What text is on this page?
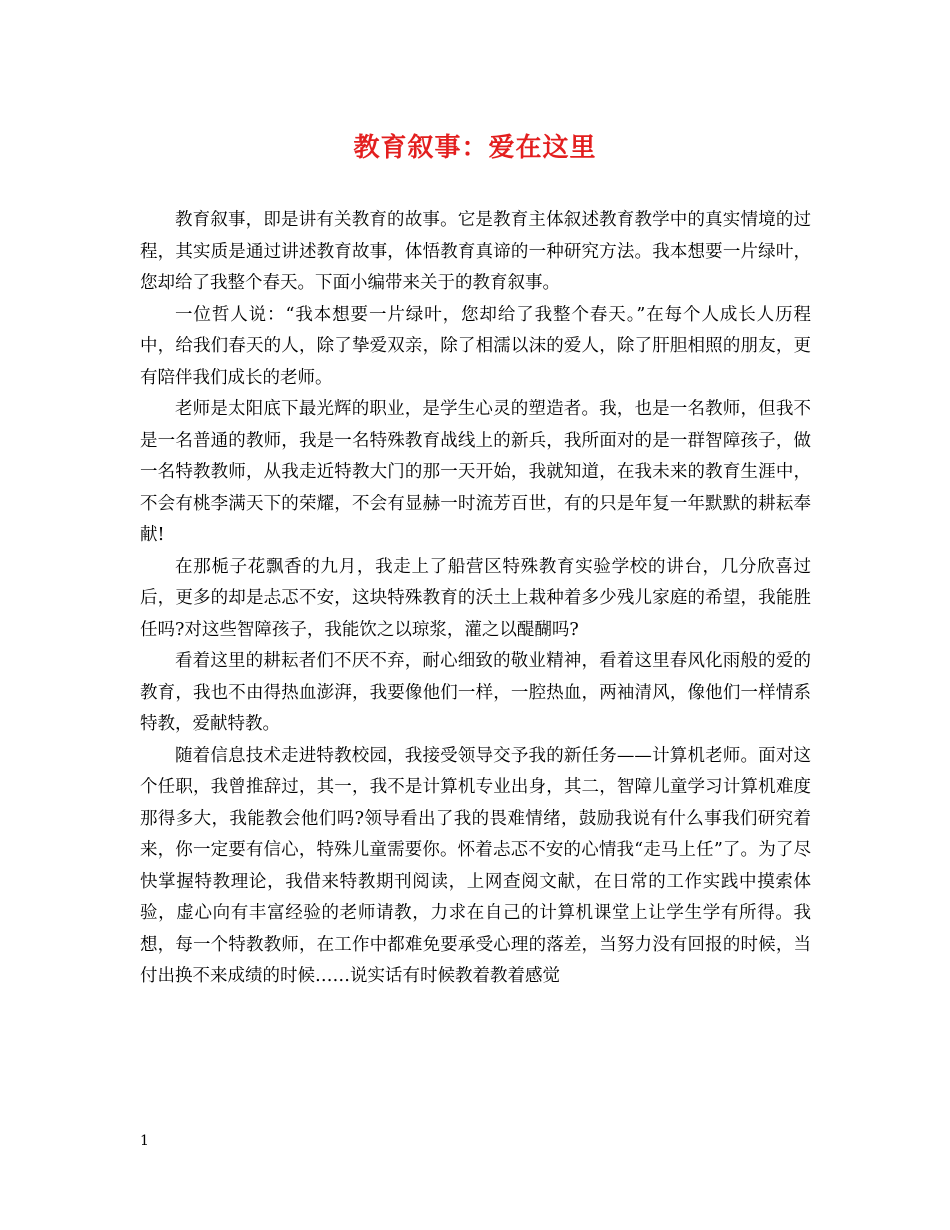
教育叙事：爱在这里

教育叙事，即是讲有关教育的故事。它是教育主体叙述教育教学中的真实情境的过程，其实质是通过讲述教育故事，体悟教育真谛的一种研究方法。我本想要一片绿叶，您却给了我整个春天。下面小编带来关于的教育叙事。

一位哲人说：“我本想要一片绿叶，您却给了我整个春天。”在每个人成长人历程中，给我们春天的人，除了挚爱双亲，除了相濡以沫的爱人，除了肝胆相照的朋友，更有陪伴我们成长的老师。

老师是太阳底下最光辉的职业，是学生心灵的塑造者。我，也是一名教师，但我不是一名普通的教师，我是一名特殊教育战线上的新兵，我所面对的是一群智障孩子，做一名特教教师，从我走近特教大门的那一天开始，我就知道，在我未来的教育生涯中，不会有桃李满天下的荣耀，不会有显赫一时流芳百世，有的只是年复一年默默的耕耘奉献!

在那栀子花飘香的九月，我走上了船营区特殊教育实验学校的讲台，几分欣喜过后，更多的却是忐忑不安，这块特殊教育的沃土上栽种着多少残儿家庭的希望，我能胜任吗?对这些智障孩子，我能饮之以琼浆，灌之以醍醐吗?

看着这里的耕耘者们不厌不弃，耐心细致的敬业精神，看着这里春风化雨般的爱的教育，我也不由得热血澎湃，我要像他们一样，一腔热血，两袖清风，像他们一样情系特教，爱献特教。

随着信息技术走进特教校园，我接受领导交予我的新任务——计算机老师。面对这个任职，我曾推辞过，其一，我不是计算机专业出身，其二，智障儿童学习计算机难度那得多大，我能教会他们吗?领导看出了我的畏难情绪，鼓励我说有什么事我们研究着来，你一定要有信心，特殊儿童需要你。怀着忐忑不安的心情我“走马上任”了。为了尽快掌握特教理论，我借来特教期刊阅读，上网查阅文献，在日常的工作实践中摸索体验，虚心向有丰富经验的老师请教，力求在自己的计算机课堂上让学生学有所得。我想，每一个特教教师，在工作中都难免要承受心理的落差，当努力没有回报的时候，当付出换不来成绩的时候……说实话有时候教着教着感觉

1
